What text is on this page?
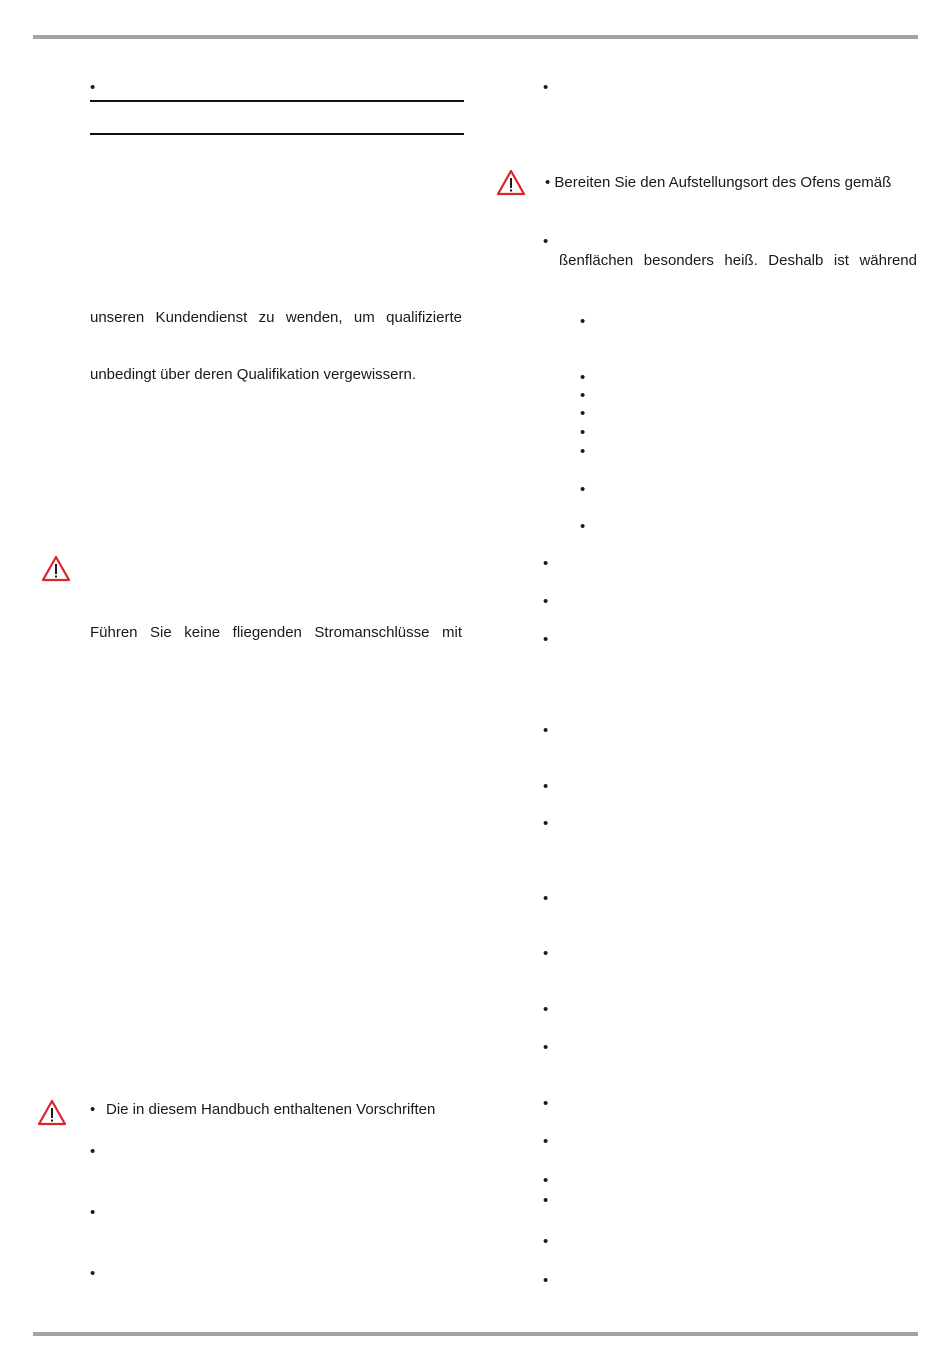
•
unseren Kundendienst zu wenden, um qualifizierte
unbedingt über deren Qualifikation vergewissern.
Führen Sie keine fliegenden Stromanschlüsse mit
• Die in diesem Handbuch enthaltenen Vorschriften
•
•
•
•
• Bereiten Sie den Aufstellungsort des Ofens gemäß
•
ßenflächen besonders heiß. Deshalb ist während
•
•
•
•
•
•
•
•
•
•
•
•
•
•
•
•
•
•
•
•
•
•
•
•
